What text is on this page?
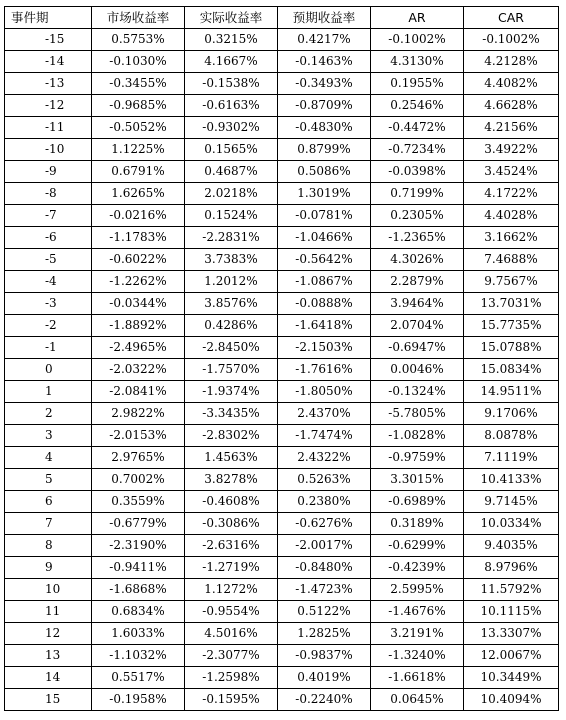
事件期	市场收益率	实际收益率	预期收益率	AR	CAR
-15	0.5753%	0.3215%	0.4217%	-0.1002%	-0.1002%
-14	-0.1030%	4.1667%	-0.1463%	4.3130%	4.2128%
-13	-0.3455%	-0.1538%	-0.3493%	0.1955%	4.4082%
-12	-0.9685%	-0.6163%	-0.8709%	0.2546%	4.6628%
-11	-0.5052%	-0.9302%	-0.4830%	-0.4472%	4.2156%
-10	1.1225%	0.1565%	0.8799%	-0.7234%	3.4922%
-9	0.6791%	0.4687%	0.5086%	-0.0398%	3.4524%
-8	1.6265%	2.0218%	1.3019%	0.7199%	4.1722%
-7	-0.0216%	0.1524%	-0.0781%	0.2305%	4.4028%
-6	-1.1783%	-2.2831%	-1.0466%	-1.2365%	3.1662%
-5	-0.6022%	3.7383%	-0.5642%	4.3026%	7.4688%
-4	-1.2262%	1.2012%	-1.0867%	2.2879%	9.7567%
-3	-0.0344%	3.8576%	-0.0888%	3.9464%	13.7031%
-2	-1.8892%	0.4286%	-1.6418%	2.0704%	15.7735%
-1	-2.4965%	-2.8450%	-2.1503%	-0.6947%	15.0788%
0	-2.0322%	-1.7570%	-1.7616%	0.0046%	15.0834%
1	-2.0841%	-1.9374%	-1.8050%	-0.1324%	14.9511%
2	2.9822%	-3.3435%	2.4370%	-5.7805%	9.1706%
3	-2.0153%	-2.8302%	-1.7474%	-1.0828%	8.0878%
4	2.9765%	1.4563%	2.4322%	-0.9759%	7.1119%
5	0.7002%	3.8278%	0.5263%	3.3015%	10.4133%
6	0.3559%	-0.4608%	0.2380%	-0.6989%	9.7145%
7	-0.6779%	-0.3086%	-0.6276%	0.3189%	10.0334%
8	-2.3190%	-2.6316%	-2.0017%	-0.6299%	9.4035%
9	-0.9411%	-1.2719%	-0.8480%	-0.4239%	8.9796%
10	-1.6868%	1.1272%	-1.4723%	2.5995%	11.5792%
11	0.6834%	-0.9554%	0.5122%	-1.4676%	10.1115%
12	1.6033%	4.5016%	1.2825%	3.2191%	13.3307%
13	-1.1032%	-2.3077%	-0.9837%	-1.3240%	12.0067%
14	0.5517%	-1.2598%	0.4019%	-1.6618%	10.3449%
15	-0.1958%	-0.1595%	-0.2240%	0.0645%	10.4094%
